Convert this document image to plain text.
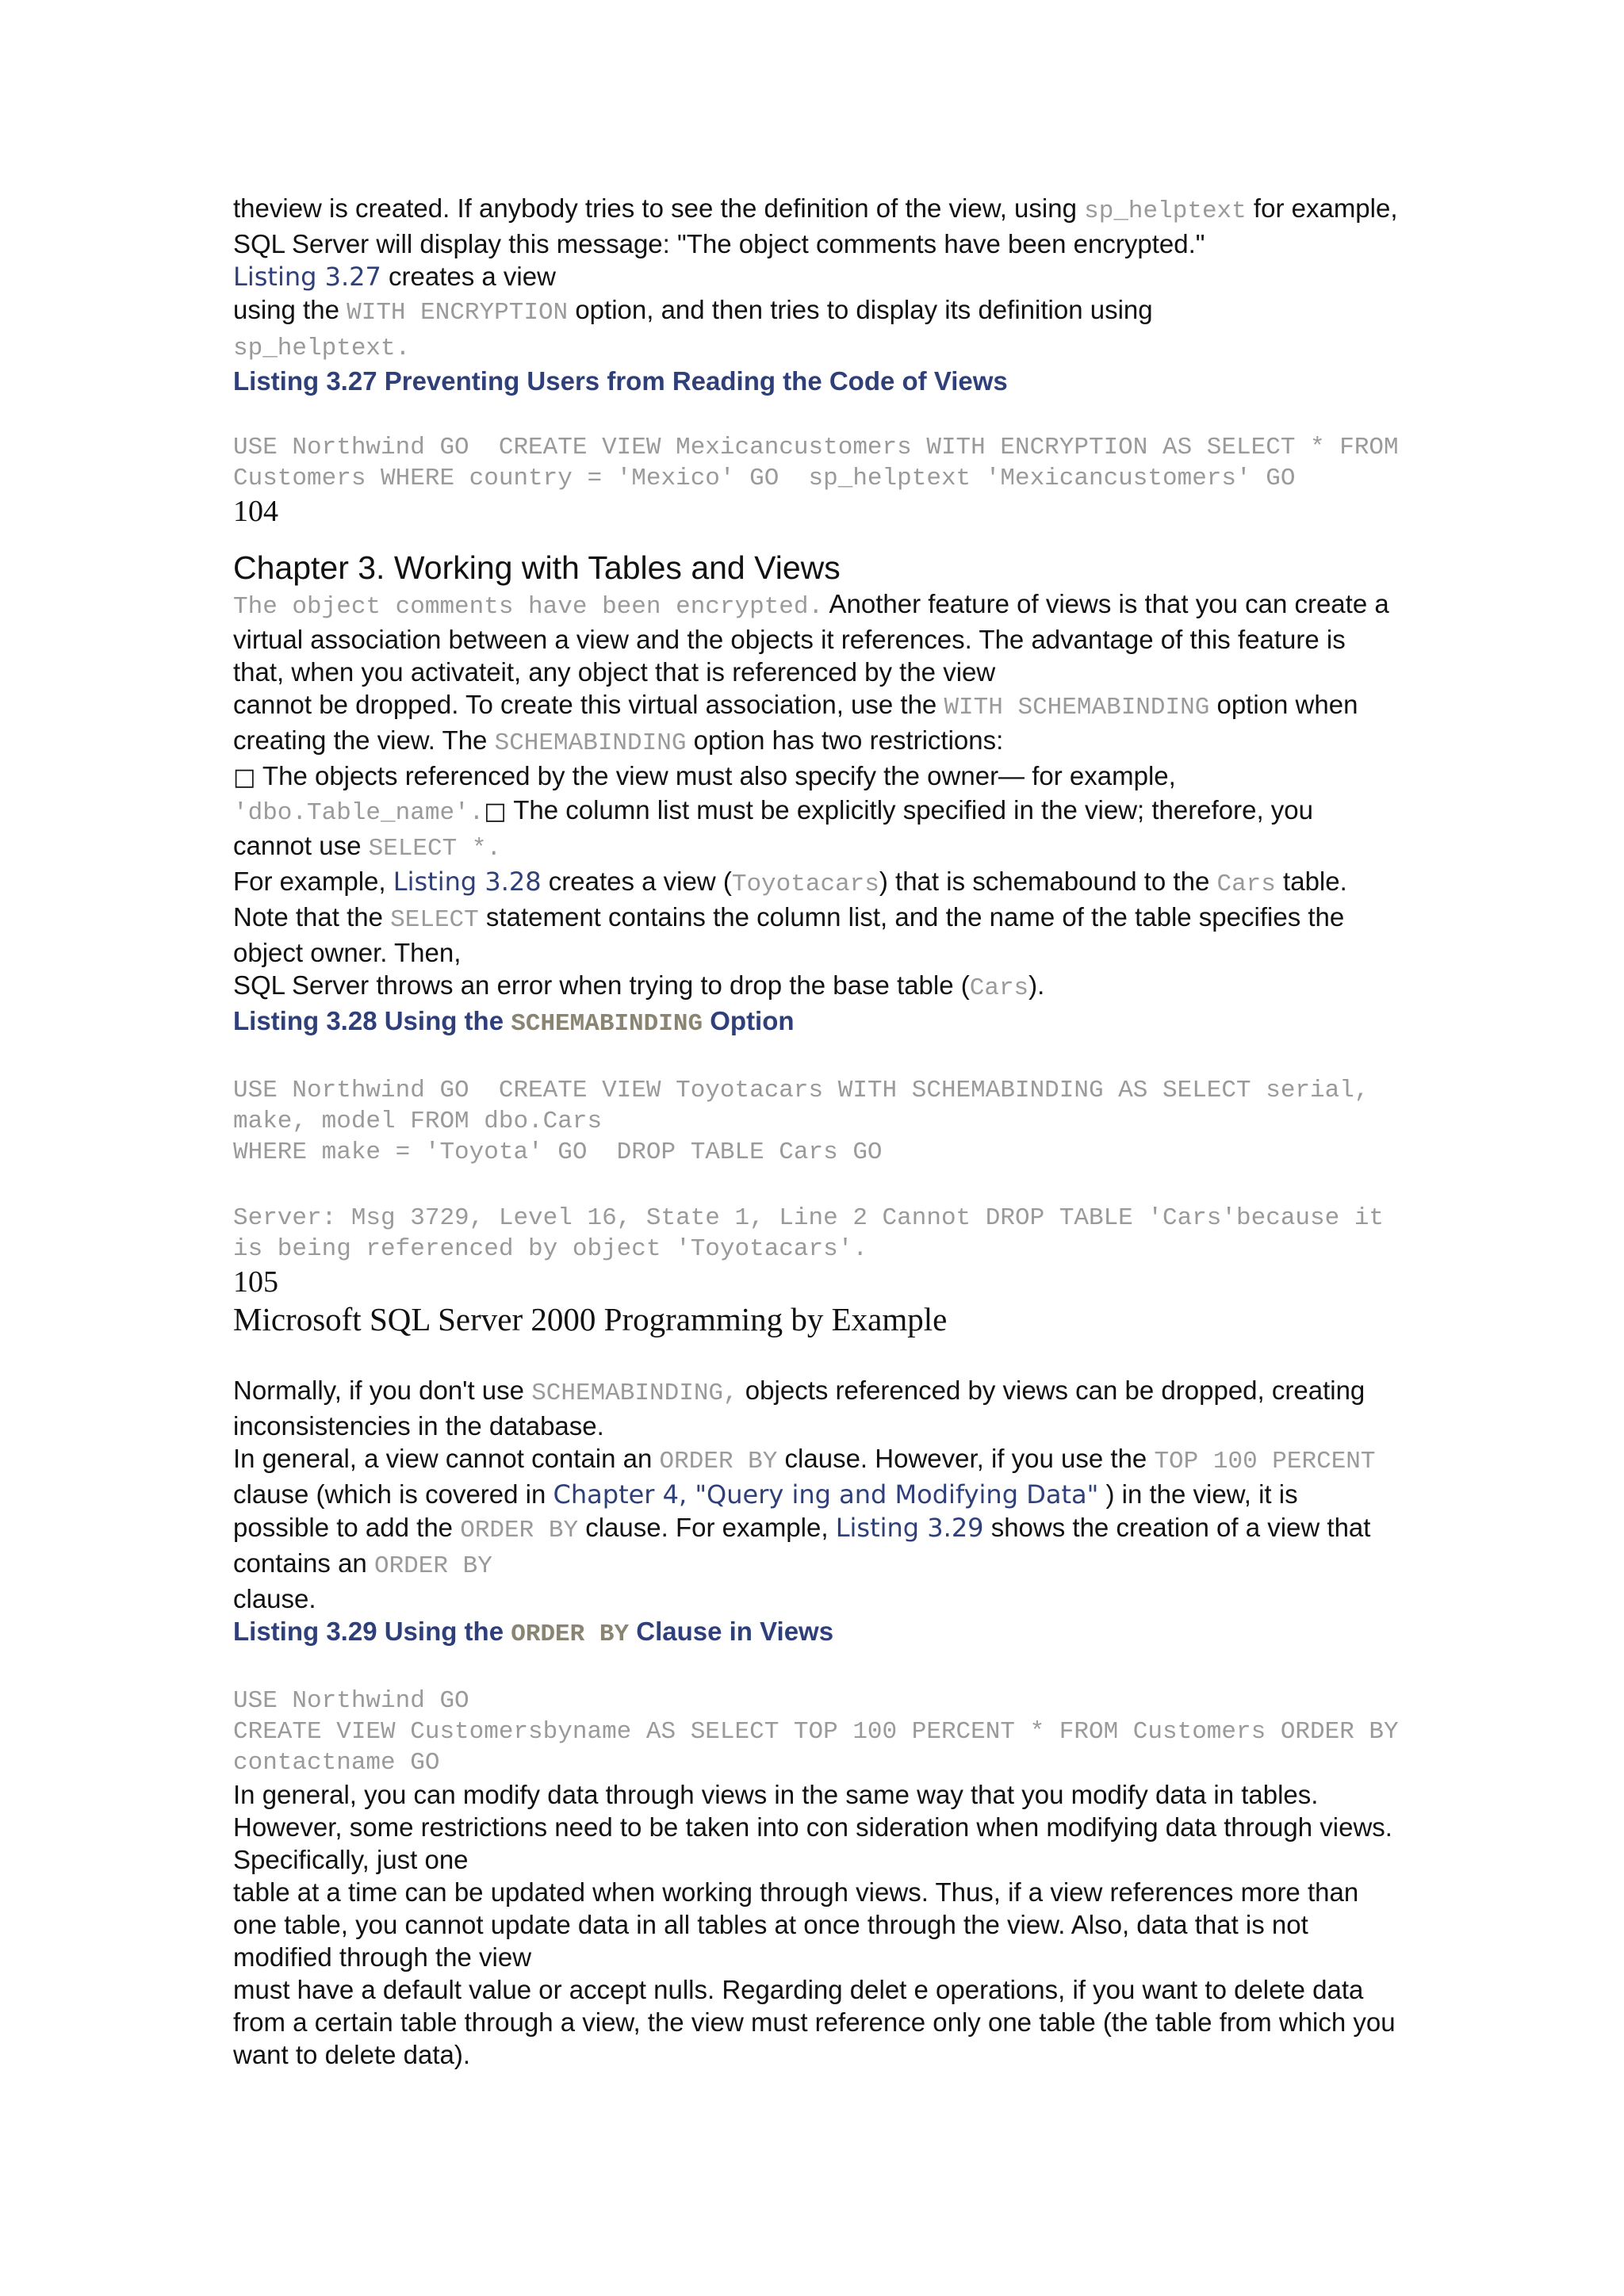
theview is created. If anybody tries to see the definition of the view, using sp_helptext for example, SQL Server will display this message: "The object comments have been encrypted."

Listing 3.27 creates a view

using the WITH ENCRYPTION option, and then tries to display its definition using
sp_helptext.

Listing 3.27 Preventing Users from Reading the Code of Views

USE Northwind GO  CREATE VIEW Mexicancustomers WITH ENCRYPTION AS SELECT * FROM Customers WHERE country = 'Mexico' GO  sp_helptext 'Mexicancustomers' GO
104
Chapter 3. Working with Tables and Views

The object comments have been encrypted. Another feature of views is that you can create a virtual association between a view and the objects it references. The advantage of this feature is that, when you activateit, any object that is referenced by the view

cannot be dropped. To create this virtual association, use the WITH SCHEMABINDING option when creating the view. The SCHEMABINDING option has two restrictions:

□ The objects referenced by the view must also specify the owner— for example,
'dbo.Table_name'.□ The column list must be explicitly specified in the view; therefore, you cannot use SELECT *.

For example, Listing 3.28 creates a view (Toyotacars) that is schemabound to the Cars table. Note that the SELECT statement contains the column list, and the name of the table specifies the object owner. Then,

SQL Server throws an error when trying to drop the base table (Cars).

Listing 3.28 Using the SCHEMABINDING Option

USE Northwind GO  CREATE VIEW Toyotacars WITH SCHEMABINDING AS SELECT serial, make, model FROM dbo.Cars
WHERE make = 'Toyota' GO  DROP TABLE Cars GO
Server: Msg 3729, Level 16, State 1, Line 2 Cannot DROP TABLE 'Cars'because it is being referenced by object 'Toyotacars'.
105
Microsoft SQL Server 2000 Programming by Example

Normally, if you don't use SCHEMABINDING, objects referenced by views can be dropped, creating inconsistencies in the database.

In general, a view cannot contain an ORDER BY clause. However, if you use the TOP 100 PERCENT clause (which is covered in Chapter 4, "Query ing and Modifying Data" ) in the view, it is possible to add the ORDER BY clause. For example, Listing 3.29 shows the creation of a view that contains an ORDER BY

clause.

Listing 3.29 Using the ORDER BY Clause in Views

USE Northwind GO
CREATE VIEW Customersbyname AS SELECT TOP 100 PERCENT * FROM Customers ORDER BY contactname GO

In general, you can modify data through views in the same way that you modify data in tables. However, some restrictions need to be taken into con sideration when modifying data through views. Specifically, just one

table at a time can be updated when working through views. Thus, if a view references more than one table, you cannot update data in all tables at once through the view. Also, data that is not modified through the view

must have a default value or accept nulls. Regarding delet e operations, if you want to delete data from a certain table through a view, the view must reference only one table (the table from which you want to delete data).
